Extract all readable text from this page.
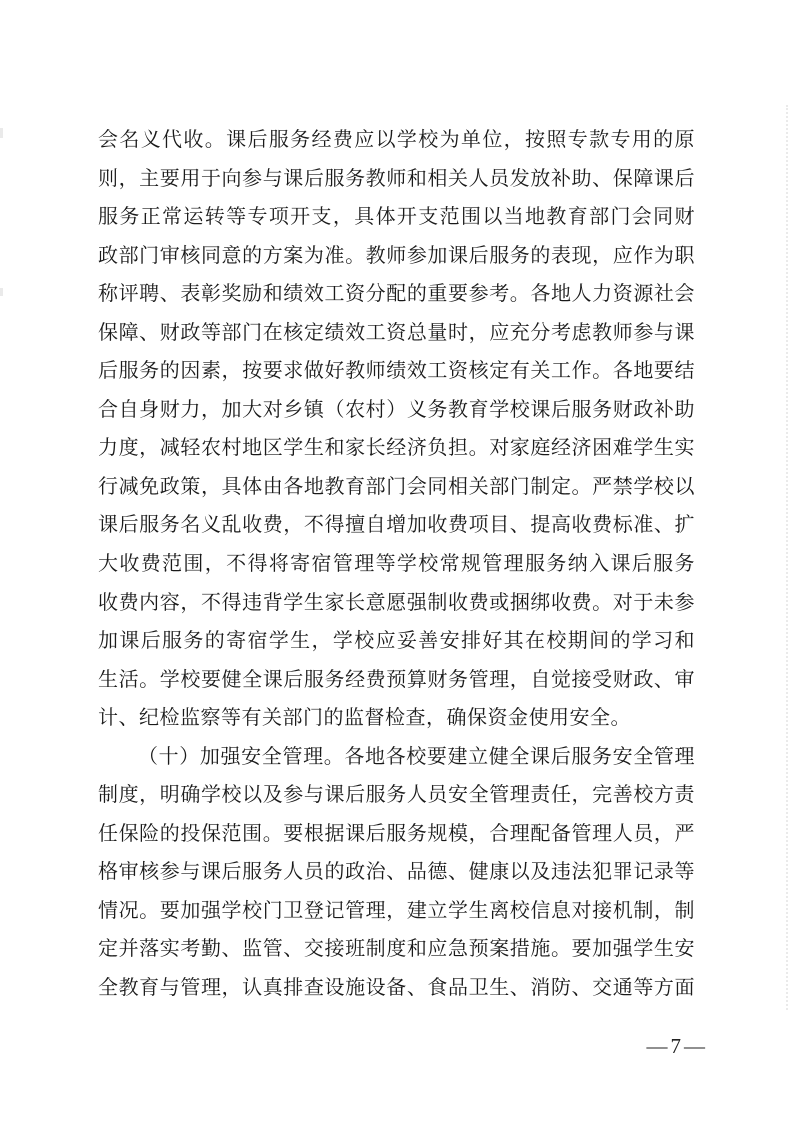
会名义代收。课后服务经费应以学校为单位，按照专款专用的原
则，主要用于向参与课后服务教师和相关人员发放补助、保障课后
服务正常运转等专项开支，具体开支范围以当地教育部门会同财
政部门审核同意的方案为准。教师参加课后服务的表现，应作为职
称评聘、表彰奖励和绩效工资分配的重要参考。各地人力资源社会
保障、财政等部门在核定绩效工资总量时，应充分考虑教师参与课
后服务的因素，按要求做好教师绩效工资核定有关工作。各地要结
合自身财力，加大对乡镇（农村）义务教育学校课后服务财政补助
力度，减轻农村地区学生和家长经济负担。对家庭经济困难学生实
行减免政策，具体由各地教育部门会同相关部门制定。严禁学校以
课后服务名义乱收费，不得擅自增加收费项目、提高收费标准、扩
大收费范围，不得将寄宿管理等学校常规管理服务纳入课后服务
收费内容，不得违背学生家长意愿强制收费或捆绑收费。对于未参
加课后服务的寄宿学生，学校应妥善安排好其在校期间的学习和
生活。学校要健全课后服务经费预算财务管理，自觉接受财政、审
计、纪检监察等有关部门的监督检查，确保资金使用安全。
（十）加强安全管理。各地各校要建立健全课后服务安全管理
制度，明确学校以及参与课后服务人员安全管理责任，完善校方责
任保险的投保范围。要根据课后服务规模，合理配备管理人员，严
格审核参与课后服务人员的政治、品德、健康以及违法犯罪记录等
情况。要加强学校门卫登记管理，建立学生离校信息对接机制，制
定并落实考勤、监管、交接班制度和应急预案措施。要加强学生安
全教育与管理，认真排查设施设备、食品卫生、消防、交通等方面
—7—
